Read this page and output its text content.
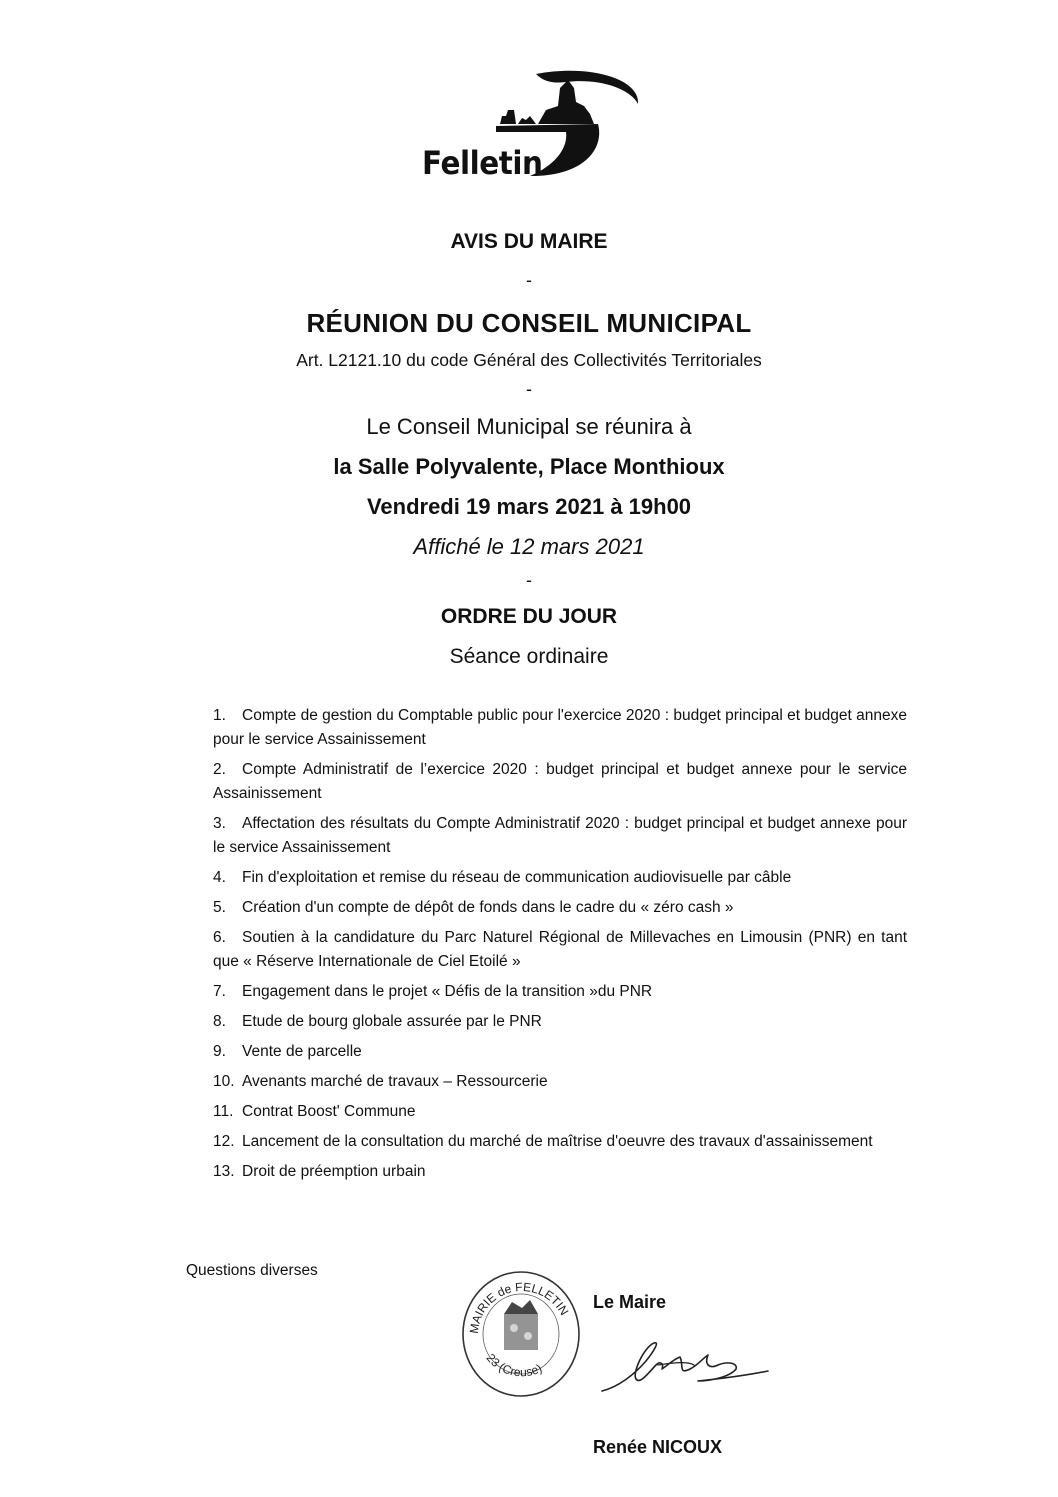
Felletin
AVIS DU MAIRE
-
RÉUNION DU CONSEIL MUNICIPAL
Art. L2121.10 du code Général des Collectivités Territoriales
-
Le Conseil Municipal se réunira à
la Salle Polyvalente, Place Monthioux
Vendredi 19 mars 2021 à 19h00
Affiché le 12 mars 2021
-
ORDRE DU JOUR
Séance ordinaire
1. Compte de gestion du Comptable public pour l'exercice 2020 : budget principal et budget annexe pour le service Assainissement
2. Compte Administratif de l’exercice 2020 : budget principal et budget annexe pour le service Assainissement
3. Affectation des résultats du Compte Administratif 2020 : budget principal et budget annexe pour le service Assainissement
4. Fin d'exploitation et remise du réseau de communication audiovisuelle par câble
5. Création d'un compte de dépôt de fonds dans le cadre du « zéro cash »
6. Soutien à la candidature du Parc Naturel Régional de Millevaches en Limousin (PNR) en tant que « Réserve Internationale de Ciel Etoilé »
7. Engagement dans le projet « Défis de la transition »du PNR
8. Etude de bourg globale assurée par le PNR
9. Vente de parcelle
10. Avenants marché de travaux – Ressourcerie
11. Contrat Boost' Commune
12. Lancement de la consultation du marché de maîtrise d'oeuvre des travaux d'assainissement
13. Droit de préemption urbain
Questions diverses
MAIRIE de FELLETIN
23 (Creuse)
Le Maire
Renée NICOUX
